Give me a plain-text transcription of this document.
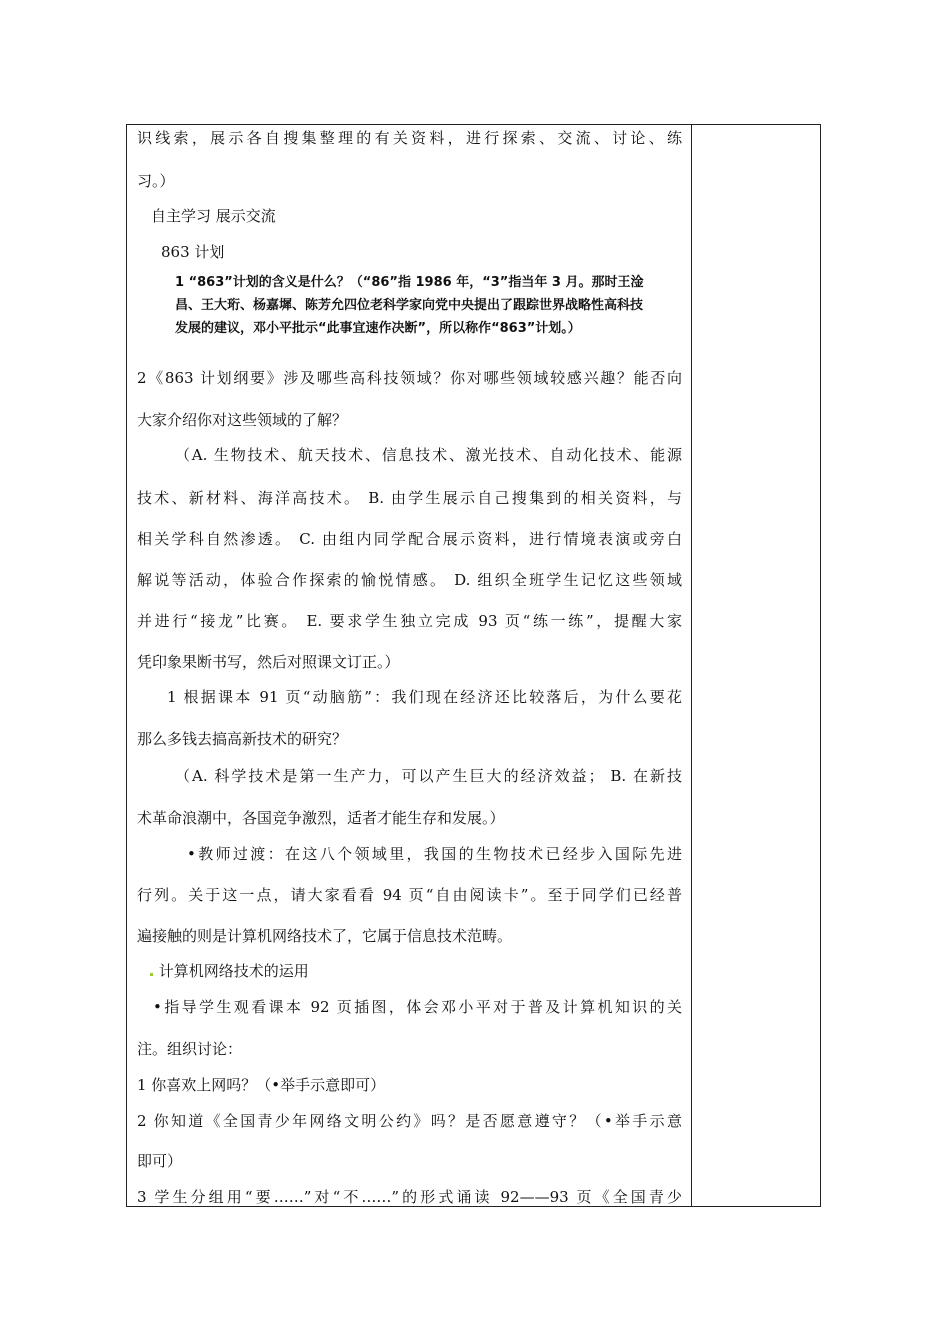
识线索，展示各自搜集整理的有关资料，进行探索、交流、讨论、练
习。）
自主学习 展示交流
863 计划
1 “863”计划的含义是什么？（“86”指 1986 年，“3”指当年 3 月。那时王淦
昌、王大珩、杨嘉墀、陈芳允四位老科学家向党中央提出了跟踪世界战略性高科技
发展的建议，邓小平批示“此事宜速作决断”，所以称作“863”计划。）
2《863 计划纲要》涉及哪些高科技领域？你对哪些领域较感兴趣？能否向
大家介绍你对这些领域的了解？
（A. 生物技术、航天技术、信息技术、激光技术、自动化技术、能源
技术、新材料、海洋高技术。 B. 由学生展示自己搜集到的相关资料，与
相关学科自然渗透。 C. 由组内同学配合展示资料，进行情境表演或旁白
解说等活动，体验合作探索的愉悦情感。 D. 组织全班学生记忆这些领域
并进行“接龙”比赛。 E. 要求学生独立完成 93 页“练一练”，提醒大家
凭印象果断书写，然后对照课文订正。）
1 根据课本 91 页“动脑筋”：我们现在经济还比较落后，为什么要花
那么多钱去搞高新技术的研究？
（A. 科学技术是第一生产力，可以产生巨大的经济效益； B. 在新技
术革命浪潮中，各国竞争激烈，适者才能生存和发展。）
•教师过渡：在这八个领域里，我国的生物技术已经步入国际先进
行列。关于这一点，请大家看看 94 页“自由阅读卡”。至于同学们已经普
遍接触的则是计算机网络技术了，它属于信息技术范畴。
计算机网络技术的运用
•指导学生观看课本 92 页插图，体会邓小平对于普及计算机知识的关
注。组织讨论：
1 你喜欢上网吗？（•举手示意即可）
2 你知道《全国青少年网络文明公约》吗？是否愿意遵守？（•举手示意
即可）
3 学生分组用“要……”对“不……”的形式诵读 92——93 页《全国青少
